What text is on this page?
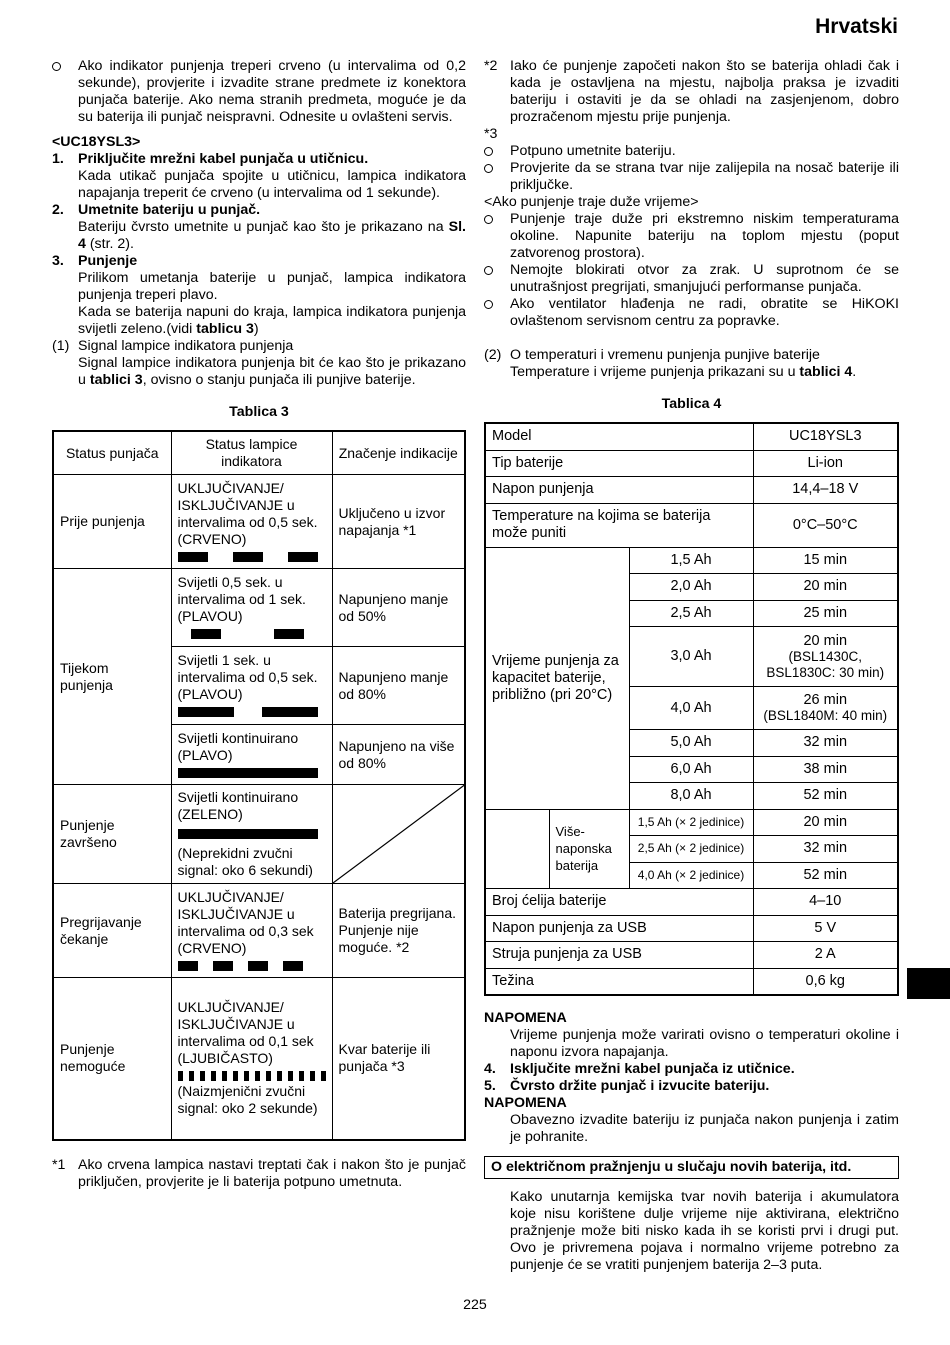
Hrvatski

Ako indikator punjenja treperi crveno (u intervalima od 0,2 sekunde), provjerite i izvadite strane predmete iz konektora punjača baterije. Ako nema stranih predmeta, moguće je da su baterija ili punjač neispravni. Odnesite u ovlašteni servis.

<UC18YSL3>

1. Priključite mrežni kabel punjača u utičnicu.

Kada utikač punjača spojite u utičnicu, lampica indikatora napajanja treperit će crveno (u intervalima od 1 sekunde).

2. Umetnite bateriju u punjač.

Bateriju čvrsto umetnite u punjač kao što je prikazano na Sl. 4 (str. 2).

3. Punjenje

Prilikom umetanja baterije u punjač, lampica indikatora punjenja treperi plavo.

Kada se baterija napuni do kraja, lampica indikatora punjenja svijetli zeleno.(vidi tablicu 3)

(1) Signal lampice indikatora punjenja

Signal lampice indikatora punjenja bit će kao što je prikazano u tablici 3, ovisno o stanju punjača ili punjive baterije.

Tablica 3

Status punjača	Status lampice indikatora	Značenje indikacije
Prije punjenja	UKLJUČIVANJE/ ISKLJUČIVANJE u intervalima od 0,5 sek. (CRVENO)	Uključeno u izvor napajanja *1
Tijekom punjenja	Svijetli 0,5 sek. u intervalima od 1 sek. (PLAVOU)	Napunjeno manje od 50%

	Svijetli 1 sek. u intervalima od 0,5 sek. (PLAVOU)	Napunjeno manje od 80%

	Svijetli kontinuirano (PLAVO)	Napunjeno na više od 80%
Punjenje završeno	Svijetli kontinuirano (ZELENO)
(Neprekidni zvučni signal: oko 6 sekundi)

Pregrijavanje čekanje	UKLJUČIVANJE/ ISKLJUČIVANJE u intervalima od 0,3 sek (CRVENO)	Baterija pregrijana. Punjenje nije moguće. *2
Punjenje nemoguće	UKLJUČIVANJE/ ISKLJUČIVANJE u intervalima od 0,1 sek (LJUBIČASTO)
(Naizmjenični zvučni signal: oko 2 sekunde)	Kvar baterije ili punjača *3

*1 Ako crvena lampica nastavi treptati čak i nakon što je punjač priključen, provjerite je li baterija potpuno umetnuta.

*2 Iako će punjenje započeti nakon što se baterija ohladi čak i kada je ostavljena na mjestu, najbolja praksa je izvaditi bateriju i ostaviti je da se ohladi na zasjenjenom, dobro prozračenom mjestu prije punjenja.

*3

Potpuno umetnite bateriju.

Provjerite da se strana tvar nije zalijepila na nosač baterije ili priključke.

<Ako punjenje traje duže vrijeme>

Punjenje traje duže pri ekstremno niskim temperaturama okoline. Napunite bateriju na toplom mjestu (poput zatvorenog prostora).

Nemojte blokirati otvor za zrak. U suprotnom će se unutrašnjost pregrijati, smanjujući performanse punjača.

Ako ventilator hlađenja ne radi, obratite se HiKOKI ovlaštenom servisnom centru za popravke.

(2) O temperaturi i vremenu punjenja punjive baterije

Temperature i vrijeme punjenja prikazani su u tablici 4.

Tablica 4

Model			UC18YSL3
Tip baterije			Li-ion
Napon punjenja			14,4–18 V
Temperature na kojima se baterija može puniti			0°C–50°C
Vrijeme punjenja za kapacitet baterije, približno (pri 20°C)		1,5 Ah	15 min
		2,0 Ah	20 min
		2,5 Ah	25 min
		3,0 Ah	20 min
(BSL1430C,
BSL1830C: 30 min)

		4,0 Ah	26 min
(BSL1840M: 40 min)

		5,0 Ah	32 min
		6,0 Ah	38 min
		8,0 Ah	52 min
	Više-naponska baterija	1,5 Ah (× 2 jedinice)	20 min
		2,5 Ah (× 2 jedinice)	32 min
		4,0 Ah (× 2 jedinice)	52 min
Broj ćelija baterije			4–10
Napon punjenja za USB			5 V
Struja punjenja za USB			2 A
Težina			0,6 kg

NAPOMENA

Vrijeme punjenja može varirati ovisno o temperaturi okoline i naponu izvora napajanja.

4. Isključite mrežni kabel punjača iz utičnice.

5. Čvrsto držite punjač i izvucite bateriju.

NAPOMENA

Obavezno izvadite bateriju iz punjača nakon punjenja i zatim je pohranite.

O električnom pražnjenju u slučaju novih baterija, itd.

Kako unutarnja kemijska tvar novih baterija i akumulatora koje nisu korištene dulje vrijeme nije aktivirana, električno pražnjenje može biti nisko kada ih se koristi prvi i drugi put. Ovo je privremena pojava i normalno vrijeme potrebno za punjenje će se vratiti punjenjem baterija 2–3 puta.

225
